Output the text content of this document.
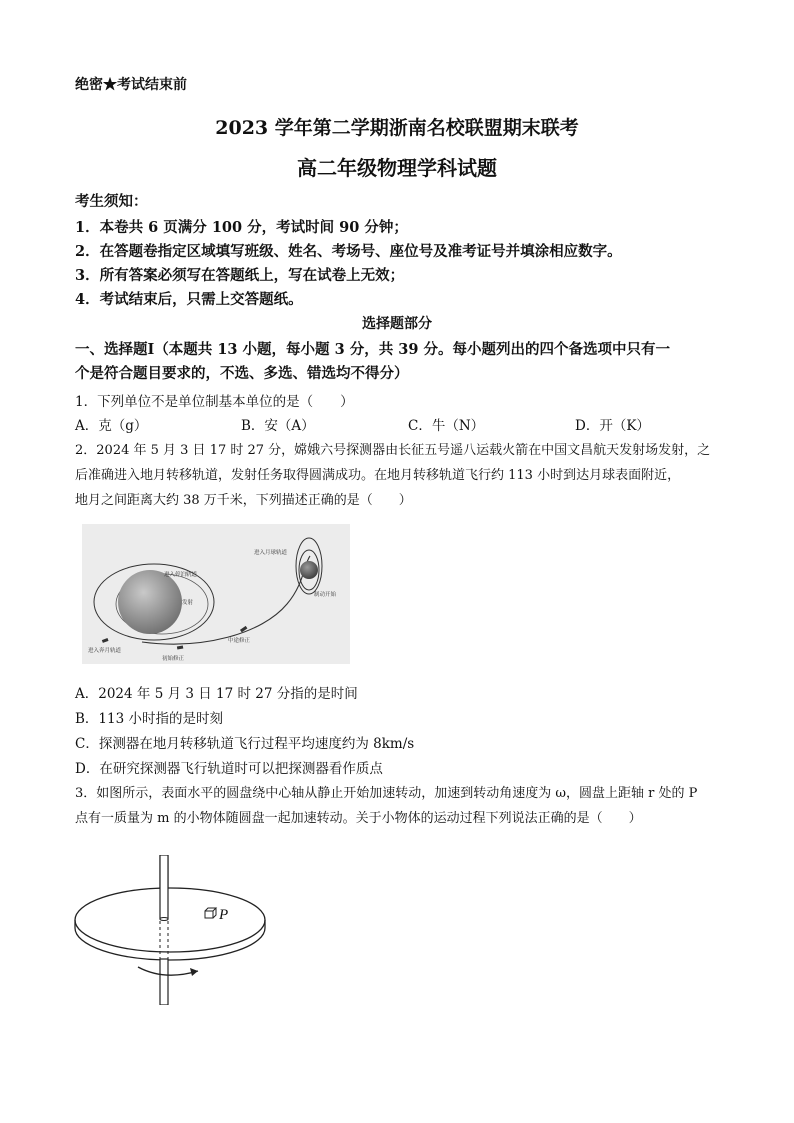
绝密★考试结束前
2023 学年第二学期浙南名校联盟期末联考
高二年级物理学科试题
考生须知：
1．本卷共 6 页满分 100 分，考试时间 90 分钟；
2．在答题卷指定区域填写班级、姓名、考场号、座位号及准考证号并填涂相应数字。
3．所有答案必须写在答题纸上，写在试卷上无效；
4．考试结束后，只需上交答题纸。
选择题部分
一、选择题Ⅰ（本题共 13 小题，每小题 3 分，共 39 分。每小题列出的四个备选项中只有一
个是符合题目要求的，不选、多选、错选均不得分）
1．下列单位不是单位制基本单位的是（　　）
A．克（g）	B．安（A）	C．牛（N）	D．开（K）
2．2024 年 5 月 3 日 17 时 27 分，嫦娥六号探测器由长征五号遥八运载火箭在中国文昌航天发射场发射，之
后准确进入地月转移轨道，发射任务取得圆满成功。在地月转移轨道飞行约 113 小时到达月球表面附近，
地月之间距离大约 38 万千米，下列描述正确的是（　　）
进入月球轨道
进入停泊轨道
发射
制动开始
进入奔月轨道
初始修正
中途修正
A．2024 年 5 月 3 日 17 时 27 分指的是时间
B．113 小时指的是时刻
C．探测器在地月转移轨道飞行过程平均速度约为 8km/s
D．在研究探测器飞行轨道时可以把探测器看作质点
3．如图所示，表面水平的圆盘绕中心轴从静止开始加速转动，加速到转动角速度为 ω，圆盘上距轴 r 处的 P
点有一质量为 m 的小物体随圆盘一起加速转动。关于小物体的运动过程下列说法正确的是（　　）
P
